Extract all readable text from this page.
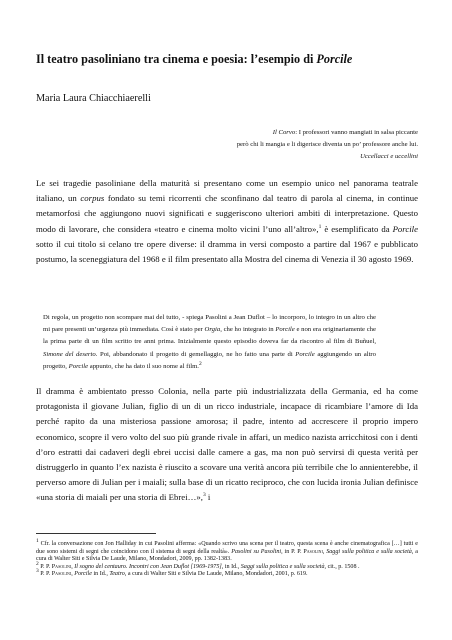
Il teatro pasoliniano tra cinema e poesia: l’esempio di Porcile

Maria Laura Chiacchiaerelli

Il Corvo: I professori vanno mangiati in salsa piccante

però chi li mangia e li digerisce diventa un po’ professore anche lui.

Uccellacci e uccellini

Le sei tragedie pasoliniane della maturità si presentano come un esempio unico nel panorama teatrale italiano, un corpus fondato su temi ricorrenti che sconfinano dal teatro di parola al cinema, in continue metamorfosi che aggiungono nuovi significati e suggeriscono ulteriori ambiti di interpretazione. Questo modo di lavorare, che considera «teatro e cinema molto vicini l’uno all’altro»,$^1$ è esemplificato da Porcile sotto il cui titolo si celano tre opere diverse: il dramma in versi composto a partire dal 1967 e pubblicato postumo, la sceneggiatura del 1968 e il film presentato alla Mostra del cinema di Venezia il 30 agosto 1969.

Di regola, un progetto non scompare mai del tutto, - spiega Pasolini a Jean Duflot – lo incorporo, lo integro in un altro che mi pare presenti un’urgenza più immediata. Così è stato per Orgia, che ho integrato in Porcile e non era originariamente che la prima parte di un film scritto tre anni prima. Inizialmente questo episodio doveva far da riscontro al film di Buñuel, Simone del deserto. Poi, abbandonato il progetto di gemellaggio, ne ho fatto una parte di Porcile aggiungendo un altro progetto, Porcile appunto, che ha dato il suo nome al film.$^2$

Il dramma è ambientato presso Colonia, nella parte più industrializzata della Germania, ed ha come protagonista il giovane Julian, figlio di un di un ricco industriale, incapace di ricambiare l’amore di Ida perché rapito da una misteriosa passione amorosa; il padre, intento ad accrescere il proprio impero economico, scopre il vero volto del suo più grande rivale in affari, un medico nazista arricchitosi con i denti d’oro estratti dai cadaveri degli ebrei uccisi dalle camere a gas, ma non può servirsi di questa verità per distruggerlo in quanto l’ex nazista è riuscito a scovare una verità ancora più terribile che lo annienterebbe, il perverso amore di Julian per i maiali; sulla base di un ricatto reciproco, che con lucida ironia Julian definisce «una storia di maiali per una storia di Ebrei…»,$^3$ i

$^1$ Cfr. la conversazione con Jon Halliday in cui Pasolini afferma: «Quando scrivo una scena per il teatro, questa scena è anche cinematografica […] tutti e due sono sistemi di segni che coincidono con il sistema di segni della realtà». Pasolini su Pasolini, in P. P. Pasolini, Saggi sulla politica e sulla società, a cura di Walter Siti e Silvia De Laude, Milano, Mondadori, 2009, pp. 1382-1383.

$^2$ P. P. Pasolini, Il sogno del centauro. Incontri con Jean Duflot [1969-1975], in Id., Saggi sulla politica e sulla società, cit., p. 1508 .

$^3$ P. P. Pasolini, Porcile in Id., Teatro, a cura di Walter Siti e Silvia De Laude, Milano, Mondadori, 2001, p. 619.
